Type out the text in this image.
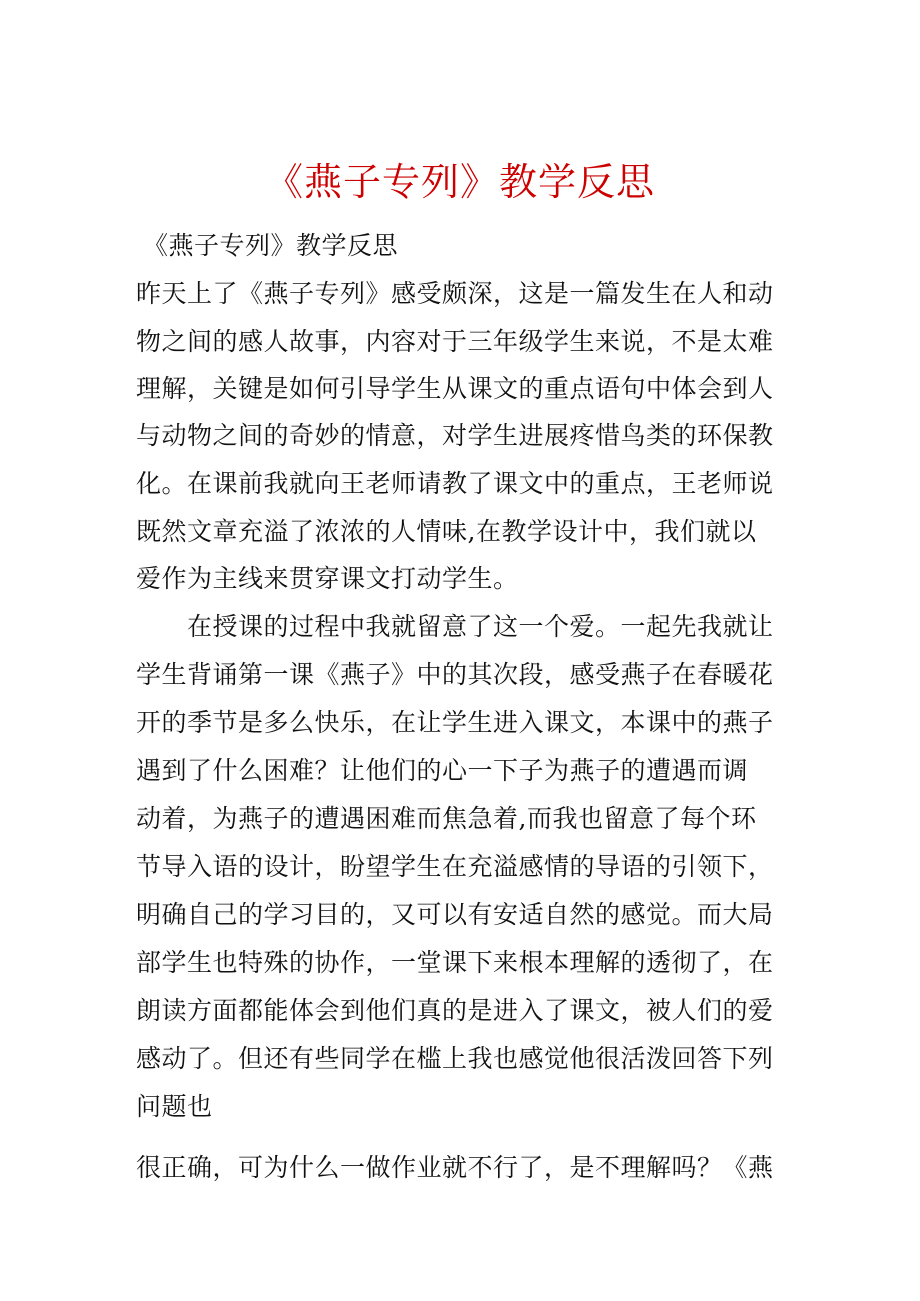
《燕子专列》教学反思
《燕子专列》教学反思
昨天上了《燕子专列》感受颇深，这是一篇发生在人和动
物之间的感人故事，内容对于三年级学生来说，不是太难
理解，关键是如何引导学生从课文的重点语句中体会到人
与动物之间的奇妙的情意，对学生进展疼惜鸟类的环保教
化。在课前我就向王老师请教了课文中的重点，王老师说
既然文章充溢了浓浓的人情味,在教学设计中，我们就以
爱作为主线来贯穿课文打动学生。
在授课的过程中我就留意了这一个爱。一起先我就让
学生背诵第一课《燕子》中的其次段，感受燕子在春暖花
开的季节是多么快乐，在让学生进入课文，本课中的燕子
遇到了什么困难？让他们的心一下子为燕子的遭遇而调
动着，为燕子的遭遇困难而焦急着,而我也留意了每个环
节导入语的设计，盼望学生在充溢感情的导语的引领下，
明确自己的学习目的，又可以有安适自然的感觉。而大局
部学生也特殊的协作，一堂课下来根本理解的透彻了，在
朗读方面都能体会到他们真的是进入了课文，被人们的爱
感动了。但还有些同学在槛上我也感觉他很活泼回答下列
问题也
很正确，可为什么一做作业就不行了，是不理解吗？《燕
